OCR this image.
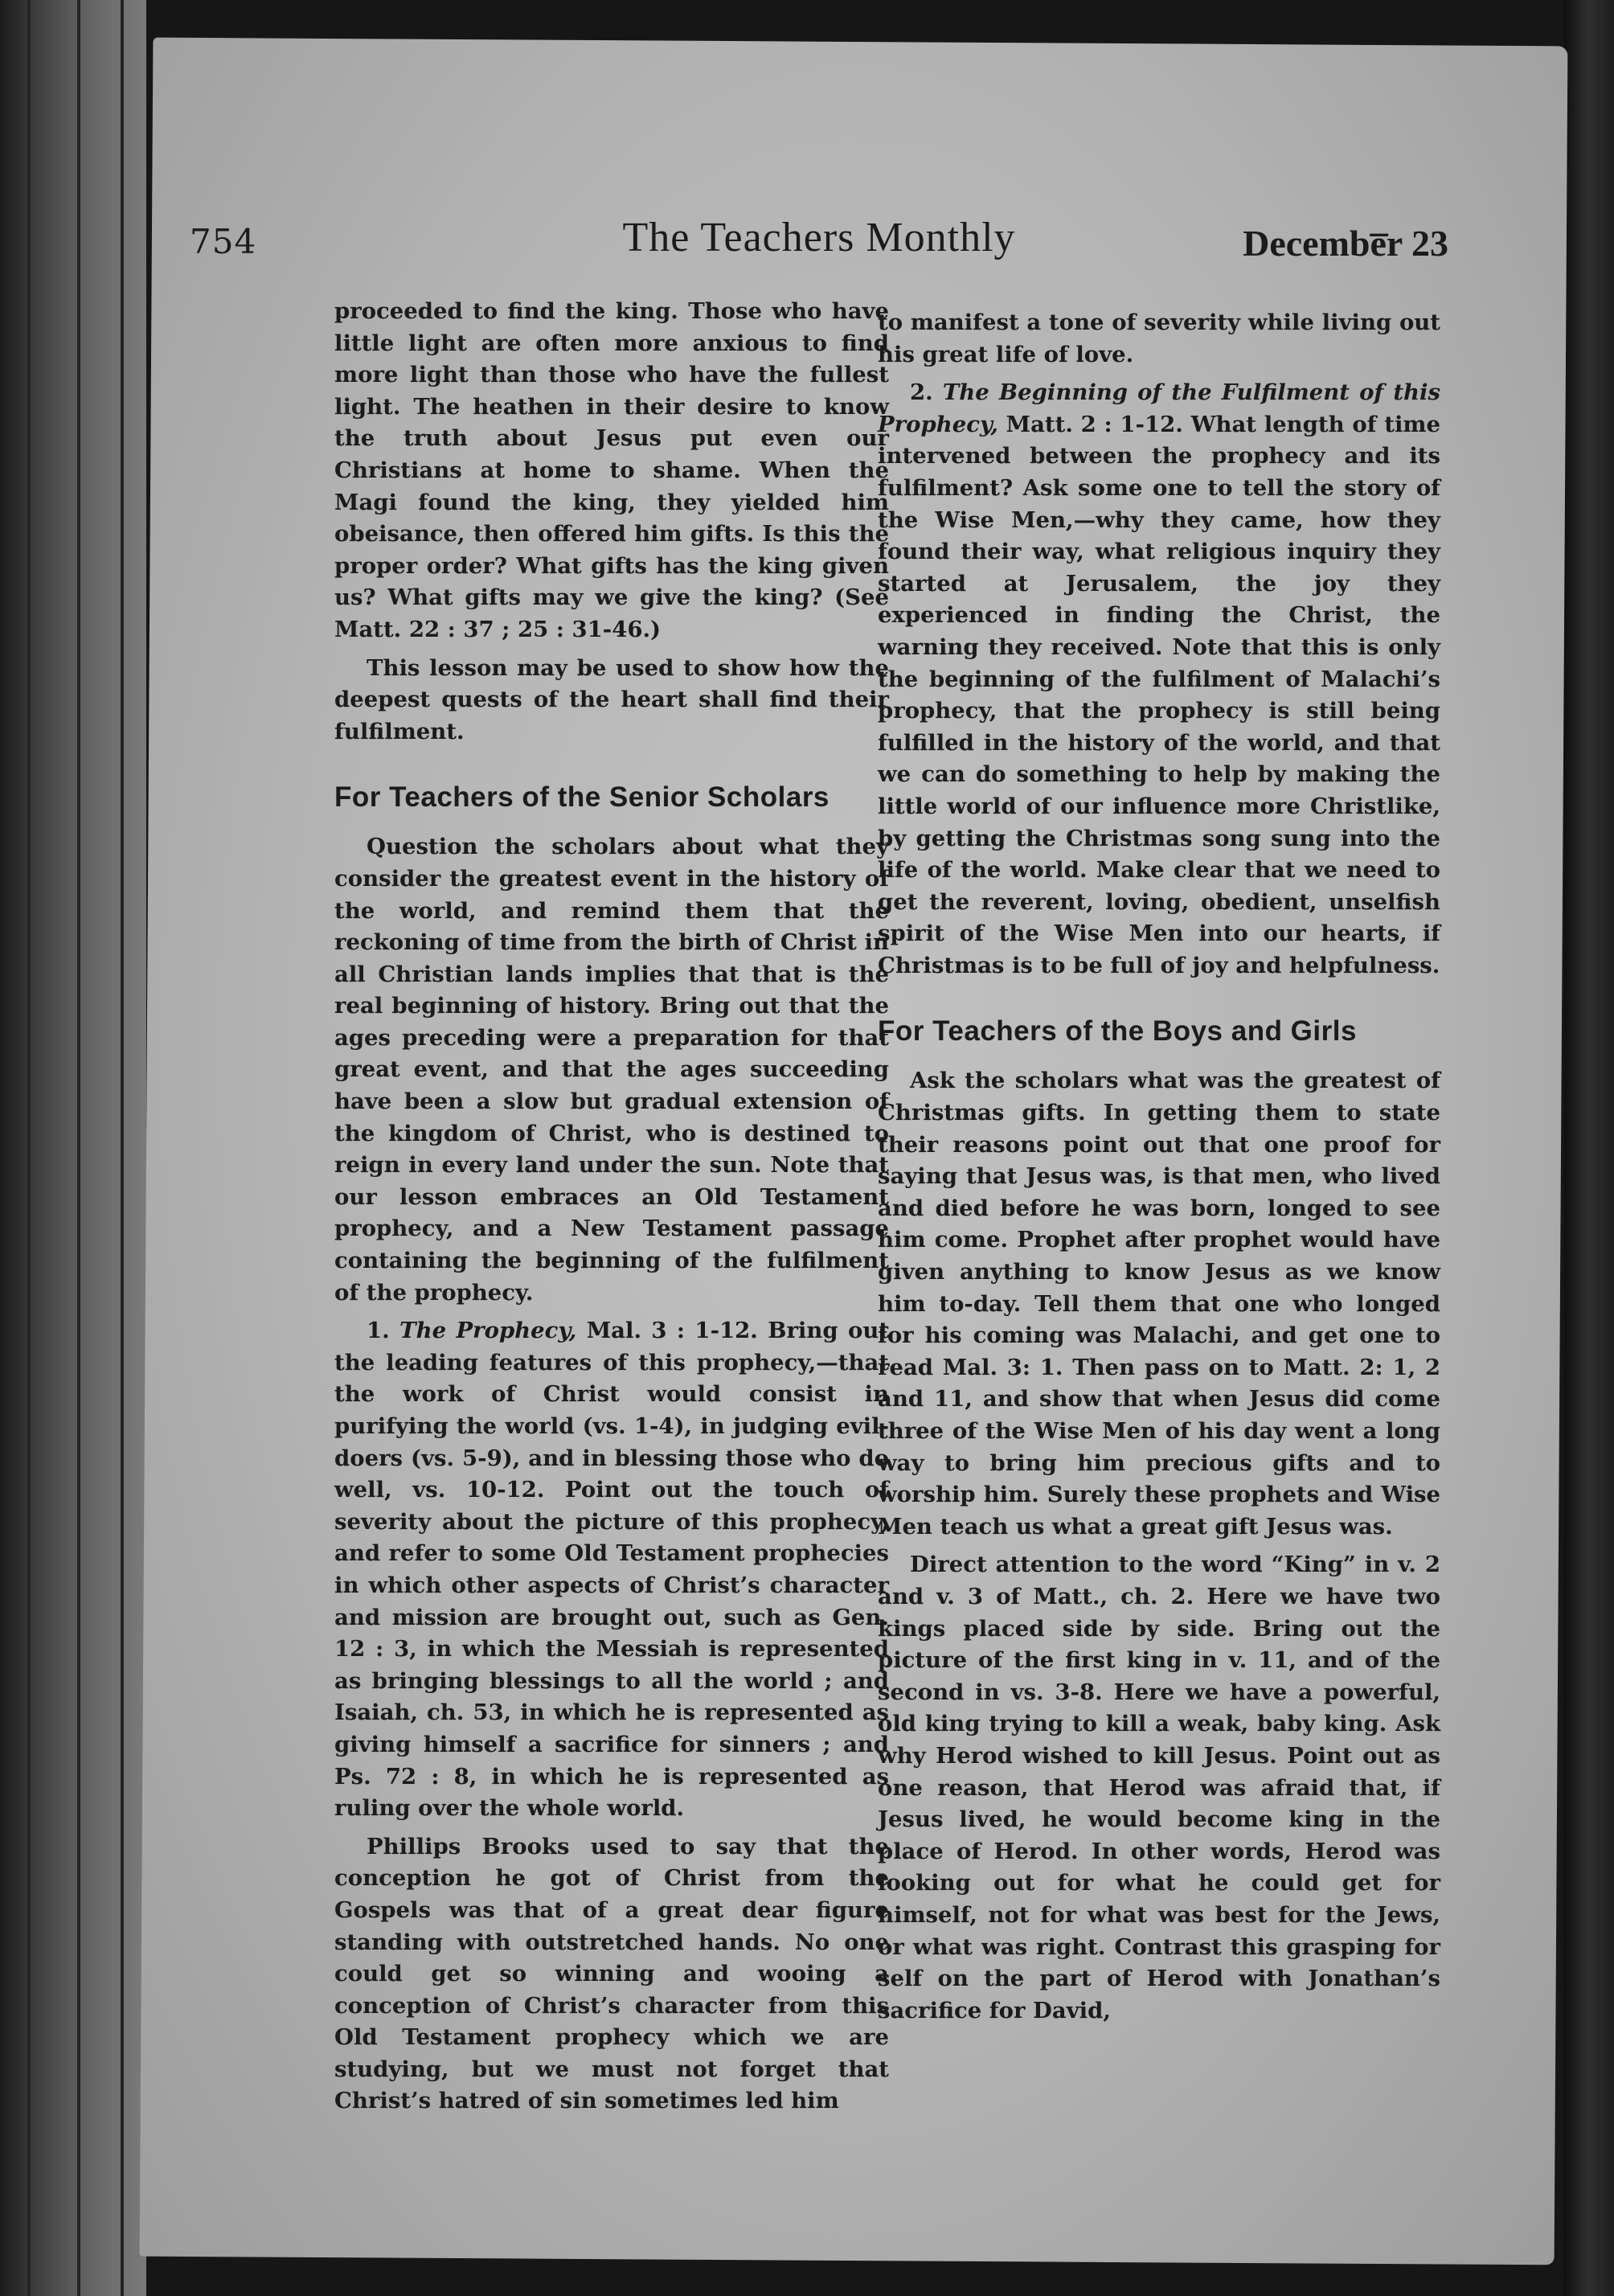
754	The Teachers Monthly	Decembe̅r 23

proceeded to find the king. Those who have little light are often more anxious to find more light than those who have the fullest light. The heathen in their desire to know the truth about Jesus put even our Christians at home to shame. When the Magi found the king, they yielded him obeisance, then offered him gifts. Is this the proper order? What gifts has the king given us? What gifts may we give the king? (See Matt. 22 : 37 ; 25 : 31-46.)

This lesson may be used to show how the deepest quests of the heart shall find their fulfilment.

For Teachers of the Senior Scholars

Question the scholars about what they consider the greatest event in the history of the world, and remind them that the reckoning of time from the birth of Christ in all Christian lands implies that that is the real beginning of history. Bring out that the ages preceding were a preparation for that great event, and that the ages succeeding have been a slow but gradual extension of the kingdom of Christ, who is destined to reign in every land under the sun. Note that our lesson embraces an Old Testament prophecy, and a New Testament passage containing the beginning of the fulfilment of the prophecy.

1. The Prophecy, Mal. 3 : 1-12. Bring out the leading features of this prophecy,—that the work of Christ would consist in purifying the world (vs. 1-4), in judging evil-doers (vs. 5-9), and in blessing those who do well, vs. 10-12. Point out the touch of severity about the picture of this prophecy, and refer to some Old Testament prophecies in which other aspects of Christ’s character and mission are brought out, such as Gen. 12 : 3, in which the Messiah is represented as bringing blessings to all the world ; and Isaiah, ch. 53, in which he is represented as giving himself a sacrifice for sinners ; and Ps. 72 : 8, in which he is represented as ruling over the whole world.

Phillips Brooks used to say that the conception he got of Christ from the Gospels was that of a great dear figure standing with outstretched hands. No one could get so winning and wooing a conception of Christ’s character from this Old Testament prophecy which we are studying, but we must not forget that Christ’s hatred of sin sometimes led him

to manifest a tone of severity while living out his great life of love.

2. The Beginning of the Fulfilment of this Prophecy, Matt. 2 : 1-12. What length of time intervened between the prophecy and its fulfilment? Ask some one to tell the story of the Wise Men,—why they came, how they found their way, what religious inquiry they started at Jerusalem, the joy they experienced in finding the Christ, the warning they received. Note that this is only the beginning of the fulfilment of Malachi’s prophecy, that the prophecy is still being fulfilled in the history of the world, and that we can do something to help by making the little world of our influence more Christlike, by getting the Christmas song sung into the life of the world. Make clear that we need to get the reverent, loving, obedient, unselfish spirit of the Wise Men into our hearts, if Christmas is to be full of joy and helpfulness.

For Teachers of the Boys and Girls

Ask the scholars what was the greatest of Christmas gifts. In getting them to state their reasons point out that one proof for saying that Jesus was, is that men, who lived and died before he was born, longed to see him come. Prophet after prophet would have given anything to know Jesus as we know him to-day. Tell them that one who longed for his coming was Malachi, and get one to read Mal. 3: 1. Then pass on to Matt. 2: 1, 2 and 11, and show that when Jesus did come three of the Wise Men of his day went a long way to bring him precious gifts and to worship him. Surely these prophets and Wise Men teach us what a great gift Jesus was.

Direct attention to the word “King” in v. 2 and v. 3 of Matt., ch. 2. Here we have two kings placed side by side. Bring out the picture of the first king in v. 11, and of the second in vs. 3-8. Here we have a powerful, old king trying to kill a weak, baby king. Ask why Herod wished to kill Jesus. Point out as one reason, that Herod was afraid that, if Jesus lived, he would become king in the place of Herod. In other words, Herod was looking out for what he could get for himself, not for what was best for the Jews, or what was right. Contrast this grasping for self on the part of Herod with Jonathan’s sacrifice for David,
